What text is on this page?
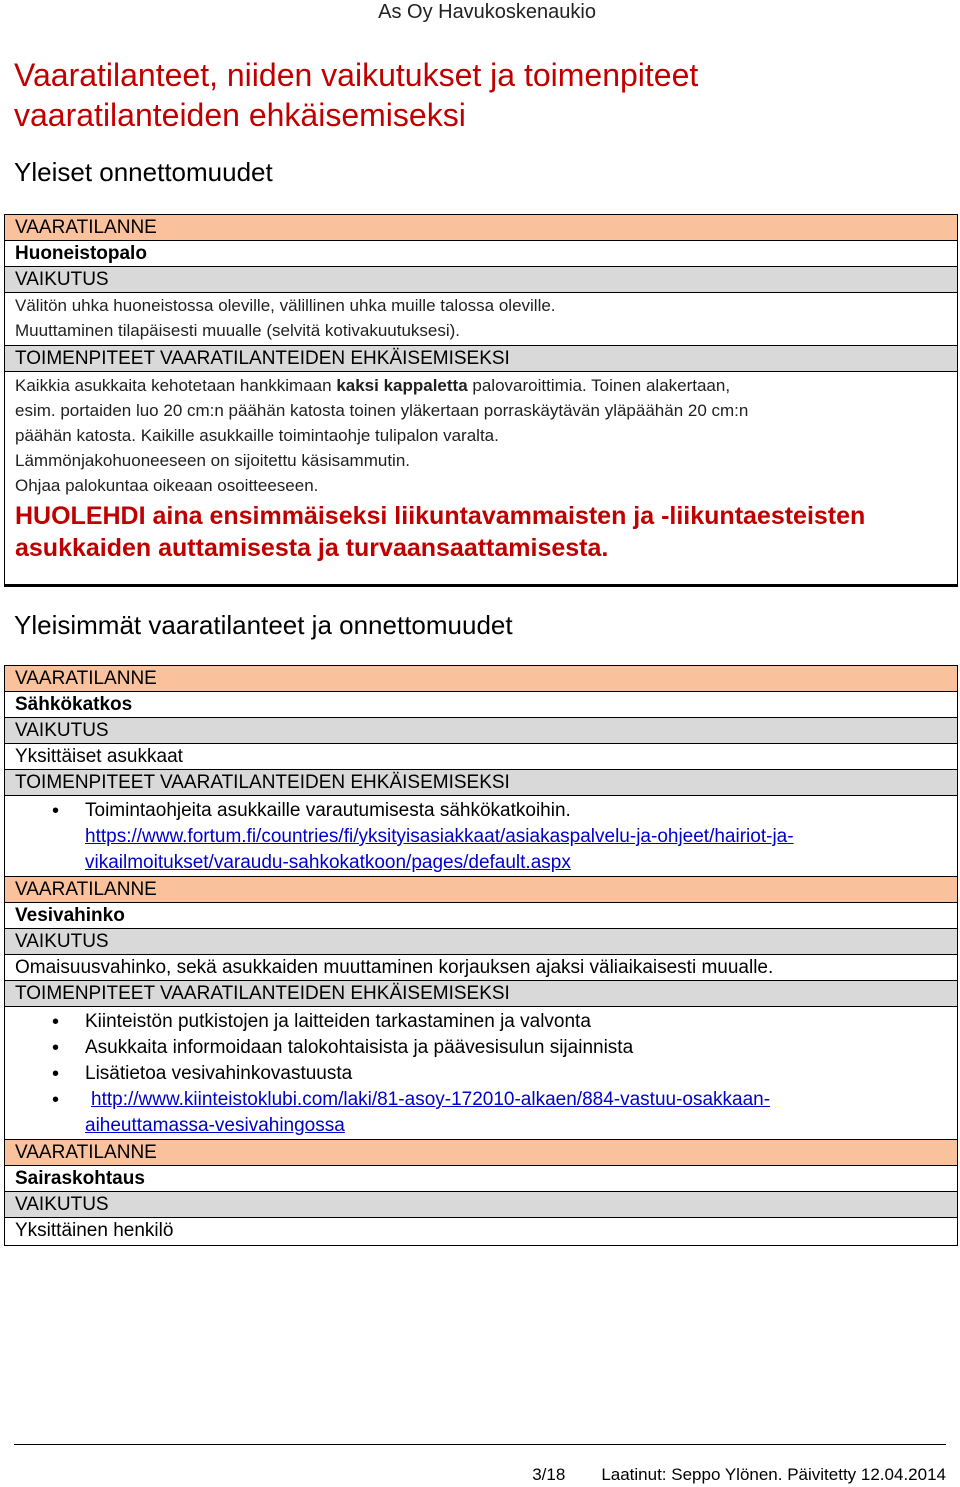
As Oy Havukoskenaukio
Vaaratilanteet, niiden vaikutukset ja toimenpiteet
vaaratilanteiden ehkäisemiseksi
Yleiset onnettomuudet
VAARATILANNE
Huoneistopalo
VAIKUTUS
Välitön uhka huoneistossa oleville, välillinen uhka muille talossa oleville.
Muuttaminen tilapäisesti muualle (selvitä kotivakuutuksesi).
TOIMENPITEET VAARATILANTEIDEN EHKÄISEMISEKSI
Kaikkia asukkaita kehotetaan hankkimaan kaksi kappaletta palovaroittimia. Toinen alakertaan,
esim. portaiden luo 20 cm:n päähän katosta toinen yläkertaan porraskäytävän yläpäähän 20 cm:n
päähän katosta. Kaikille asukkaille toimintaohje tulipalon varalta.
Lämmönjakohuoneeseen on sijoitettu käsisammutin.
Ohjaa palokuntaa oikeaan osoitteeseen.
HUOLEHDI aina ensimmäiseksi liikuntavammaisten ja -liikuntaesteisten
asukkaiden auttamisesta ja turvaansaattamisesta.
Yleisimmät vaaratilanteet ja onnettomuudet
VAARATILANNE
Sähkökatkos
VAIKUTUS
Yksittäiset asukkaat
TOIMENPITEET VAARATILANTEIDEN EHKÄISEMISEKSI
• Toimintaohjeita asukkaille varautumisesta sähkökatkoihin.
https://www.fortum.fi/countries/fi/yksityisasiakkaat/asiakaspalvelu-ja-ohjeet/hairiot-ja-
vikailmoitukset/varaudu-sahkokatkoon/pages/default.aspx
VAARATILANNE
Vesivahinko
VAIKUTUS
Omaisuusvahinko, sekä asukkaiden muuttaminen korjauksen ajaksi väliaikaisesti muualle.
TOIMENPITEET VAARATILANTEIDEN EHKÄISEMISEKSI
• Kiinteistön putkistojen ja laitteiden tarkastaminen ja valvonta
• Asukkaita informoidaan talokohtaisista ja päävesisulun sijainnista
• Lisätietoa vesivahinkovastuusta
• http://www.kiinteistoklubi.com/laki/81-asoy-172010-alkaen/884-vastuu-osakkaan-
aiheuttamassa-vesivahingossa
VAARATILANNE
Sairaskohtaus
VAIKUTUS
Yksittäinen henkilö
3/18 Laatinut: Seppo Ylönen. Päivitetty 12.04.2014
